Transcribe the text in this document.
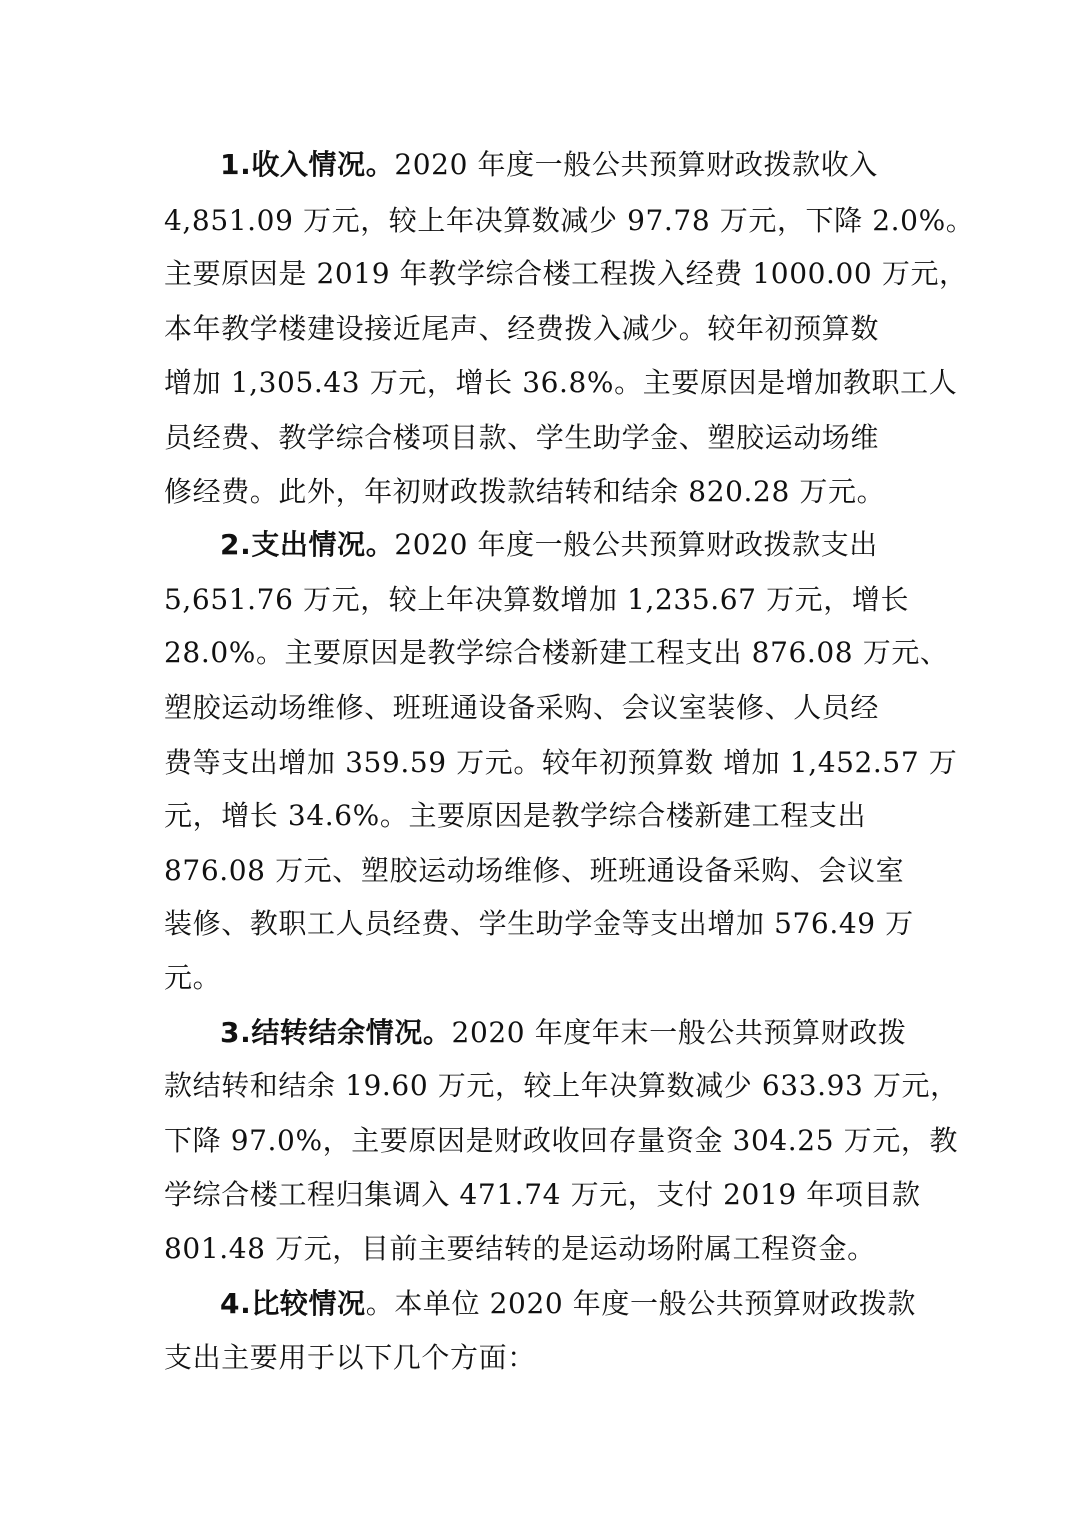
1.收入情况。2020 年度一般公共预算财政拨款收入
4,851.09 万元，较上年决算数减少 97.78 万元，下降 2.0%。
主要原因是 2019 年教学综合楼工程拨入经费 1000.00 万元，
本年教学楼建设接近尾声、经费拨入减少。较年初预算数
增加 1,305.43 万元，增长 36.8%。主要原因是增加教职工人
员经费、教学综合楼项目款、学生助学金、塑胶运动场维
修经费。此外，年初财政拨款结转和结余 820.28 万元。
2.支出情况。2020 年度一般公共预算财政拨款支出
5,651.76 万元，较上年决算数增加 1,235.67 万元，增长
28.0%。主要原因是教学综合楼新建工程支出 876.08 万元、
塑胶运动场维修、班班通设备采购、会议室装修、人员经
费等支出增加 359.59 万元。较年初预算数 增加 1,452.57 万
元，增长 34.6%。主要原因是教学综合楼新建工程支出
876.08 万元、塑胶运动场维修、班班通设备采购、会议室
装修、教职工人员经费、学生助学金等支出增加 576.49 万
元。
3.结转结余情况。2020 年度年末一般公共预算财政拨
款结转和结余 19.60 万元，较上年决算数减少 633.93 万元，
下降 97.0%，主要原因是财政收回存量资金 304.25 万元，教
学综合楼工程归集调入 471.74 万元，支付 2019 年项目款
801.48 万元，目前主要结转的是运动场附属工程资金。
4.比较情况。本单位 2020 年度一般公共预算财政拨款
支出主要用于以下几个方面：
